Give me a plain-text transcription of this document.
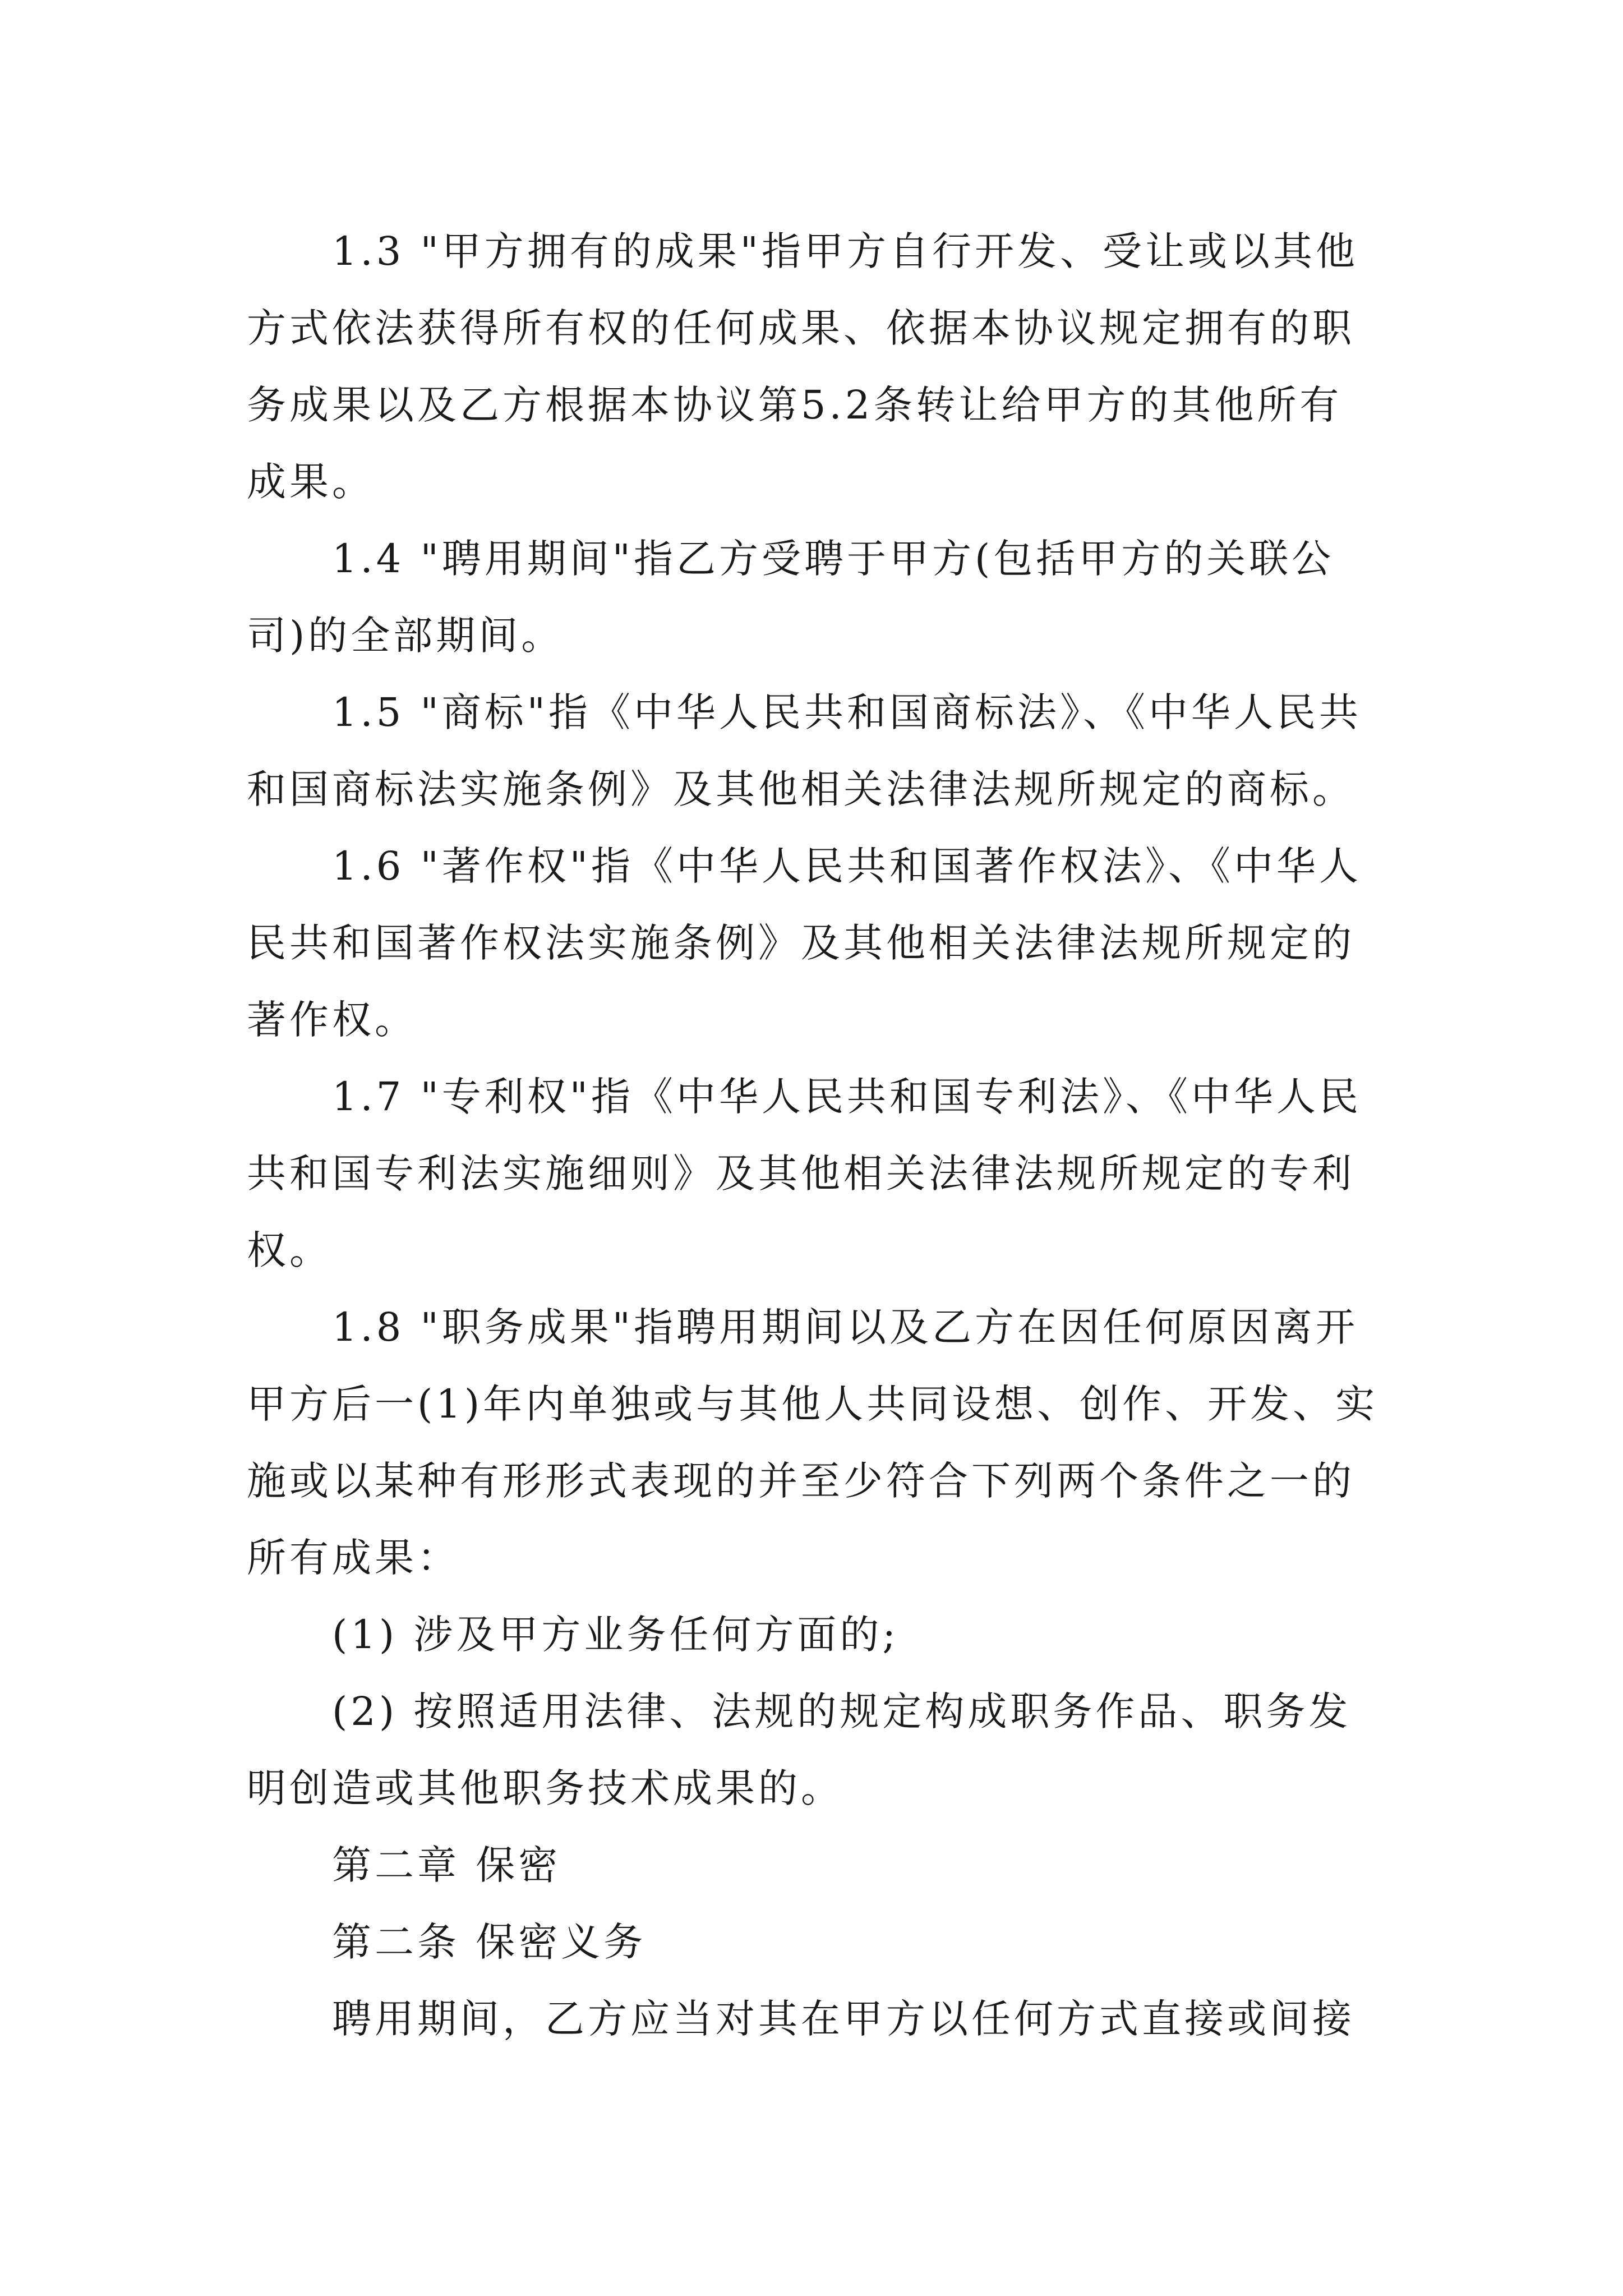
1.3 "甲方拥有的成果"指甲方自行开发、受让或以其他方式依法获得所有权的任何成果、依据本协议规定拥有的职务成果以及乙方根据本协议第5.2条转让给甲方的其他所有成果。

1.4 "聘用期间"指乙方受聘于甲方(包括甲方的关联公司)的全部期间。

1.5 "商标"指《中华人民共和国商标法》、《中华人民共和国商标法实施条例》及其他相关法律法规所规定的商标。

1.6 "著作权"指《中华人民共和国著作权法》、《中华人民共和国著作权法实施条例》及其他相关法律法规所规定的著作权。

1.7 "专利权"指《中华人民共和国专利法》、《中华人民共和国专利法实施细则》及其他相关法律法规所规定的专利权。

1.8 "职务成果"指聘用期间以及乙方在因任何原因离开甲方后一(1)年内单独或与其他人共同设想、创作、开发、实施或以某种有形形式表现的并至少符合下列两个条件之一的所有成果：

(1) 涉及甲方业务任何方面的;

(2) 按照适用法律、法规的规定构成职务作品、职务发明创造或其他职务技术成果的。

第二章 保密

第二条 保密义务

聘用期间，乙方应当对其在甲方以任何方式直接或间接
